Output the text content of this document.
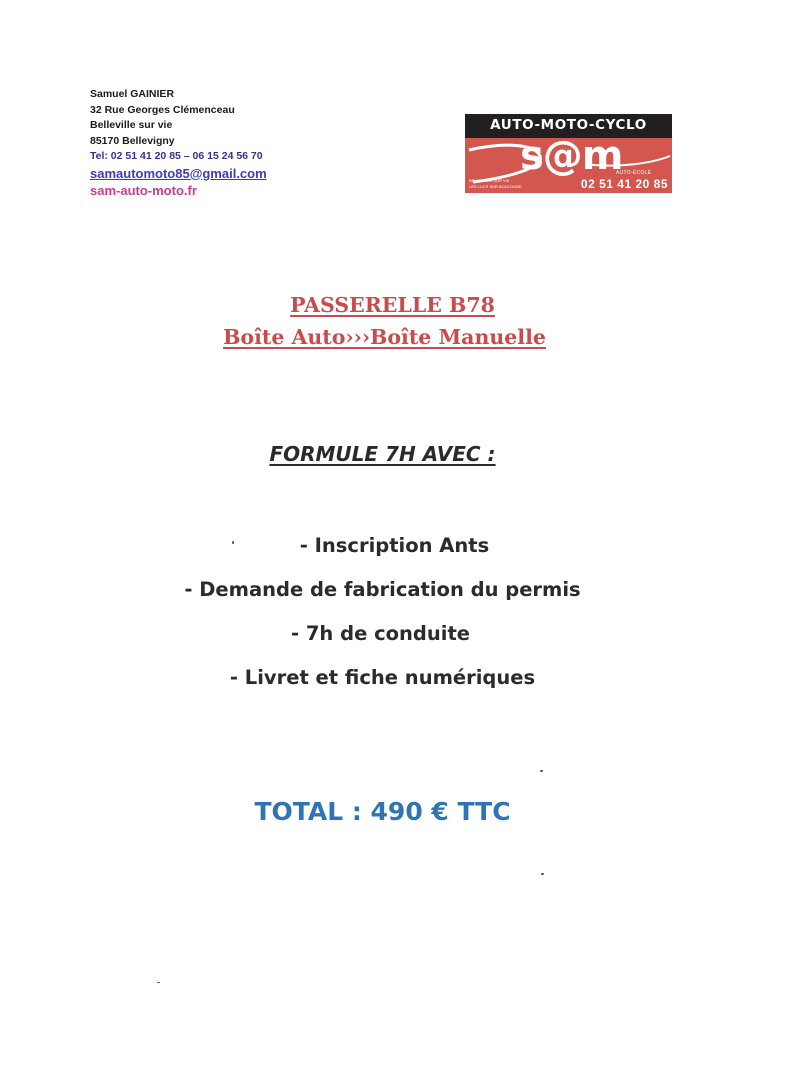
Samuel GAINIER
32 Rue Georges Clémenceau
Belleville sur vie
85170 Bellevigny
Tel: 02 51 41 20 85 – 06 15 24 56 70
samautomoto85@gmail.com
sam-auto-moto.fr
AUTO-MOTO-CYCLO
s@m
AUTO-ÉCOLE
BELLEVILLE SUR VIE
LES LUCS SUR BOULOGNE	02 51 41 20 85
PASSERELLE B78
Boîte Auto›››Boîte Manuelle
FORMULE 7H AVEC :
- Inscription Ants
- Demande de fabrication du permis
- 7h de conduite
- Livret et fiche numériques
TOTAL : 490 € TTC
